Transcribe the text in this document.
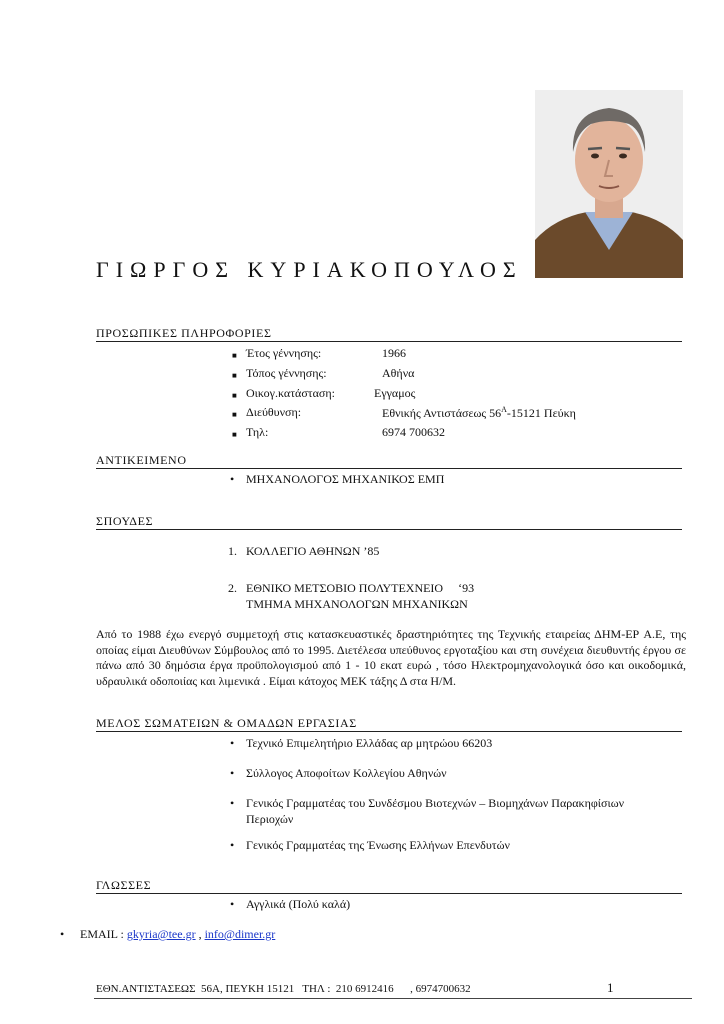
ΓΙΩΡΓΟΣ ΚΥΡΙΑΚΟΠΟΥΛΟΣ
ΠΡΟΣΩΠΙΚΕΣ ΠΛΗΡΟΦΟΡΙΕΣ
■ Έτος γέννησης:	1966
■ Τόπος γέννησης:	Αθήνα
■ Οικογ.κατάσταση:	Εγγαμος
■ Διεύθυνση:	Εθνικής Αντιστάσεως $56^A-15121$ Πεύκη
■ Τηλ:	6974 700632
ΑΝΤΙΚΕΙΜΕΝΟ
• ΜΗΧΑΝΟΛΟΓΟΣ ΜΗΧΑΝΙΚΟΣ ΕΜΠ
ΣΠΟΥΔΕΣ
1. ΚΟΛΛΕΓΙΟ ΑΘΗΝΩΝ ’85
2. ΕΘΝΙΚΟ ΜΕΤΣΟΒΙΟ ΠΟΛΥΤΕΧΝΕΙΟ     ‘93
ΤΜΗΜΑ ΜΗΧΑΝΟΛΟΓΩΝ ΜΗΧΑΝΙΚΩΝ
Από το 1988 έχω ενεργό συμμετοχή στις κατασκευαστικές δραστηριότητες της Τεχνικής εταιρείας ΔΗΜ-ΕΡ Α.Ε, της οποίας είμαι Διευθύνων Σύμβουλος από το 1995. Διετέλεσα υπεύθυνος εργοταξίου και στη συνέχεια διευθυντής έργου σε πάνω από 30 δημόσια έργα προϋπολογισμού από 1 - 10 εκατ ευρώ , τόσο Ηλεκτρομηχανολογικά όσο και οικοδομικά, υδραυλικά οδοποιίας και λιμενικά . Είμαι κάτοχος ΜΕΚ τάξης Δ στα Η/Μ.
ΜΕΛΟΣ ΣΩΜΑΤΕΙΩΝ & ΟΜΑΔΩΝ ΕΡΓΑΣΙΑΣ
• Τεχνικό Επιμελητήριο Ελλάδας αρ μητρώου 66203
• Σύλλογος Αποφοίτων Κολλεγίου Αθηνών
• Γενικός Γραμματέας του Συνδέσμου Βιοτεχνών – Βιομηχάνων Παρακηφίσιων
Περιοχών
• Γενικός Γραμματέας της Ένωσης Ελλήνων Επενδυτών
ΓΛΩΣΣΕΣ
• Αγγλικά (Πολύ καλά)
• EMAIL : gkyria@tee.gr , info@dimer.gr
ΕΘΝ.ΑΝΤΙΣΤΑΣΕΩΣ  56Α, ΠΕΥΚΗ 15121   ΤΗΛ :  210 6912416      , 6974700632	1
